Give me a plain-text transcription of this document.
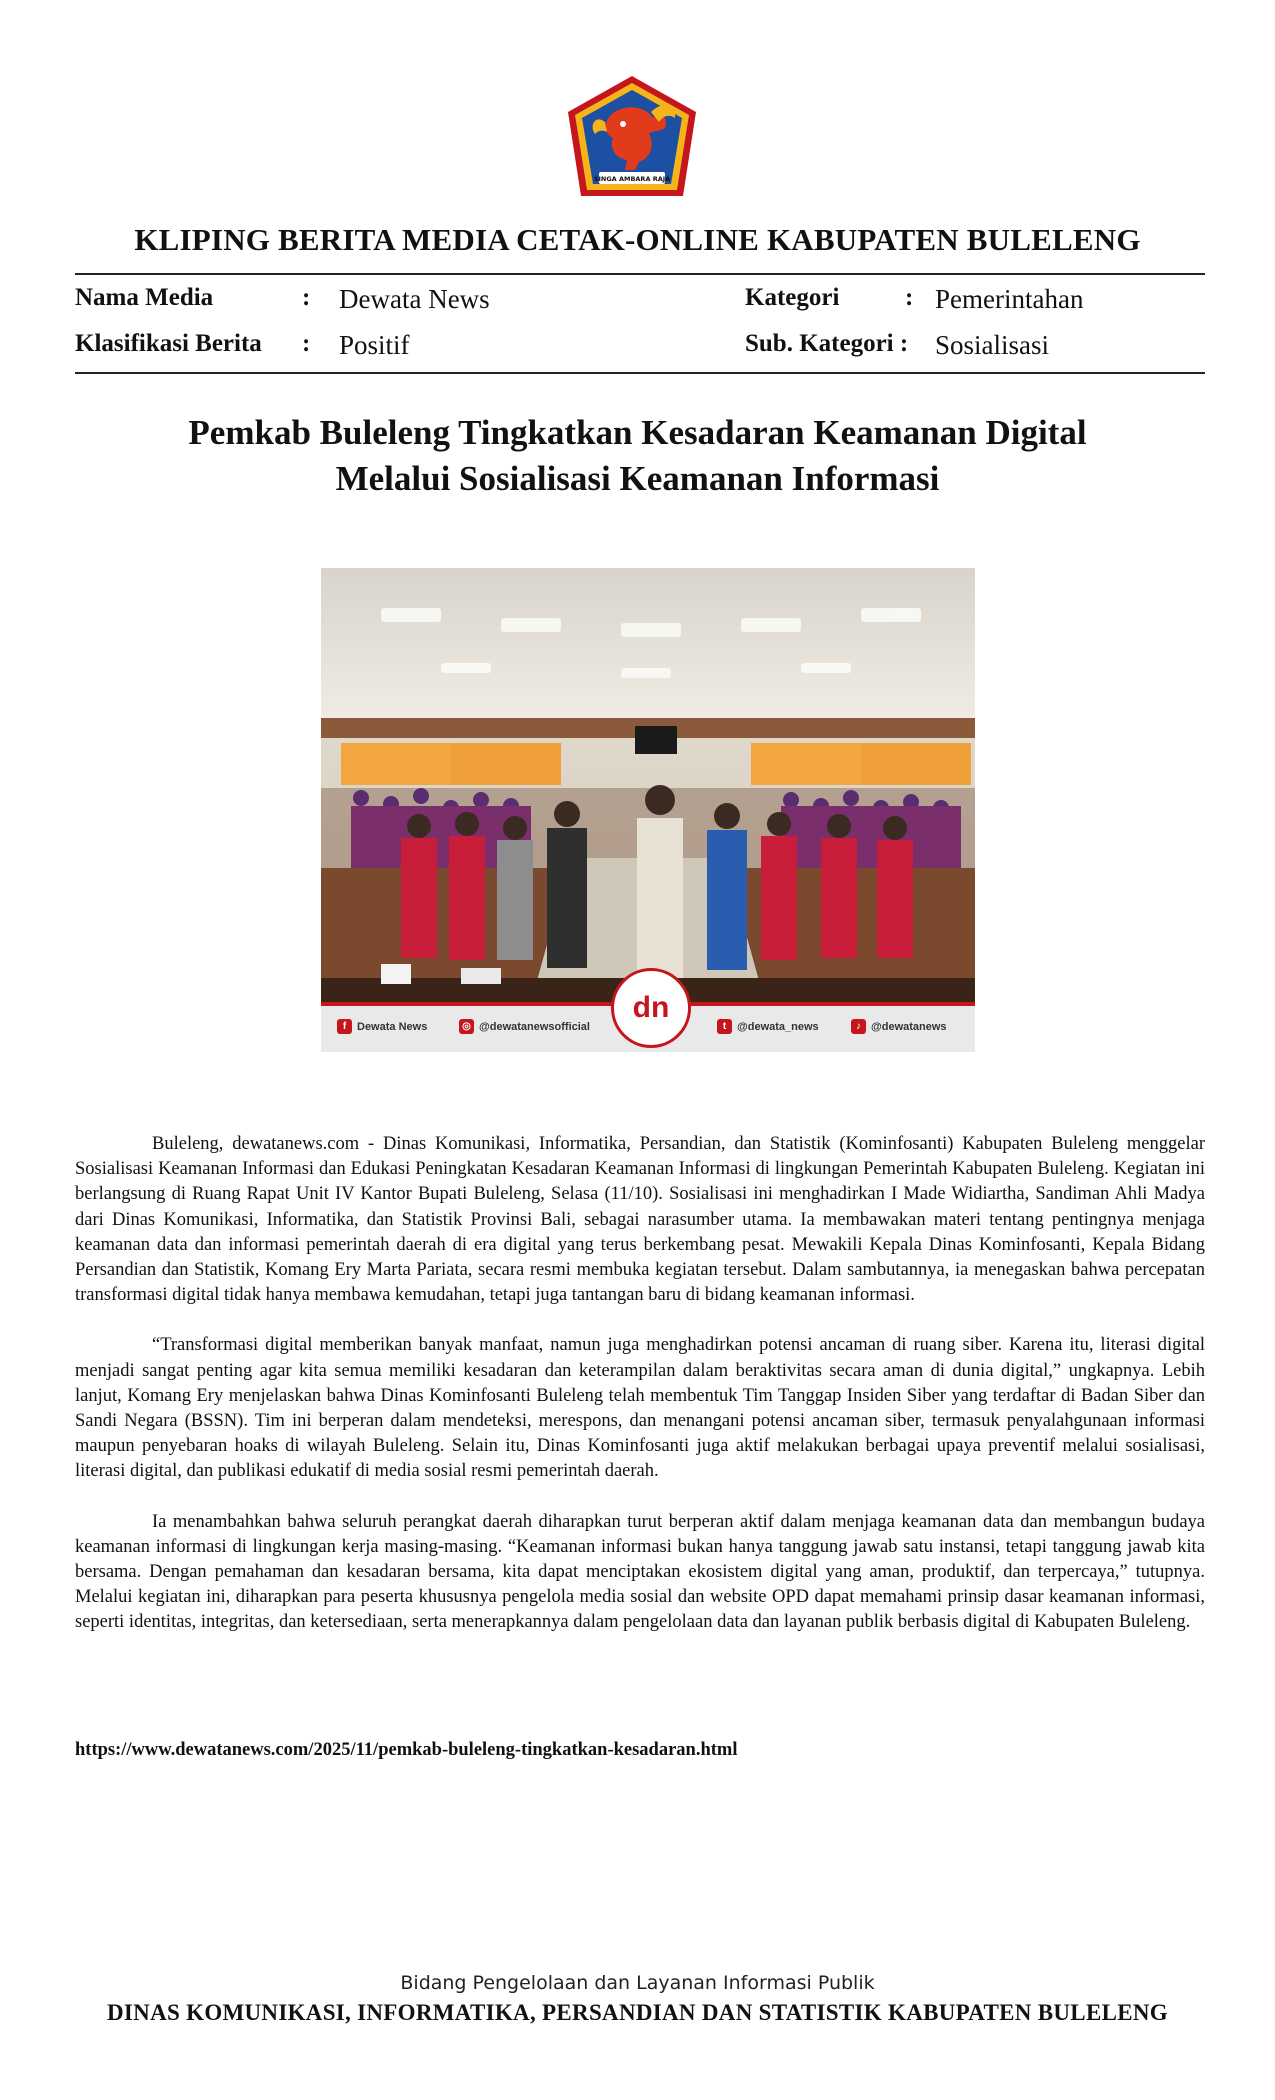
SINGA AMBARA RAJA
KLIPING BERITA MEDIA CETAK-ONLINE KABUPATEN BULELENG
Nama Media	: Dewata News
Klasifikasi Berita : Positif
Kategori	: Pemerintahan
Sub. Kategori : Sosialisasi
Pemkab Buleleng Tingkatkan Kesadaran Keamanan Digital
Melalui Sosialisasi Keamanan Informasi
f Dewata News	◎ @dewatanewsofficial	t @dewata_news	♪ @dewatanews
dn

Buleleng, dewatanews.com - Dinas Komunikasi, Informatika, Persandian, dan Statistik (Kominfosanti) Kabupaten Buleleng menggelar Sosialisasi Keamanan Informasi dan Edukasi Peningkatan Kesadaran Keamanan Informasi di lingkungan Pemerintah Kabupaten Buleleng. Kegiatan ini berlangsung di Ruang Rapat Unit IV Kantor Bupati Buleleng, Selasa (11/10). Sosialisasi ini menghadirkan I Made Widiartha, Sandiman Ahli Madya dari Dinas Komunikasi, Informatika, dan Statistik Provinsi Bali, sebagai narasumber utama. Ia membawakan materi tentang pentingnya menjaga keamanan data dan informasi pemerintah daerah di era digital yang terus berkembang pesat. Mewakili Kepala Dinas Kominfosanti, Kepala Bidang Persandian dan Statistik, Komang Ery Marta Pariata, secara resmi membuka kegiatan tersebut. Dalam sambutannya, ia menegaskan bahwa percepatan transformasi digital tidak hanya membawa kemudahan, tetapi juga tantangan baru di bidang keamanan informasi.

“Transformasi digital memberikan banyak manfaat, namun juga menghadirkan potensi ancaman di ruang siber. Karena itu, literasi digital menjadi sangat penting agar kita semua memiliki kesadaran dan keterampilan dalam beraktivitas secara aman di dunia digital,” ungkapnya. Lebih lanjut, Komang Ery menjelaskan bahwa Dinas Kominfosanti Buleleng telah membentuk Tim Tanggap Insiden Siber yang terdaftar di Badan Siber dan Sandi Negara (BSSN). Tim ini berperan dalam mendeteksi, merespons, dan menangani potensi ancaman siber, termasuk penyalahgunaan informasi maupun penyebaran hoaks di wilayah Buleleng. Selain itu, Dinas Kominfosanti juga aktif melakukan berbagai upaya preventif melalui sosialisasi, literasi digital, dan publikasi edukatif di media sosial resmi pemerintah daerah.

Ia menambahkan bahwa seluruh perangkat daerah diharapkan turut berperan aktif dalam menjaga keamanan data dan membangun budaya keamanan informasi di lingkungan kerja masing-masing. “Keamanan informasi bukan hanya tanggung jawab satu instansi, tetapi tanggung jawab kita bersama. Dengan pemahaman dan kesadaran bersama, kita dapat menciptakan ekosistem digital yang aman, produktif, dan terpercaya,” tutupnya. Melalui kegiatan ini, diharapkan para peserta khususnya pengelola media sosial dan website OPD dapat memahami prinsip dasar keamanan informasi, seperti identitas, integritas, dan ketersediaan, serta menerapkannya dalam pengelolaan data dan layanan publik berbasis digital di Kabupaten Buleleng.

https://www.dewatanews.com/2025/11/pemkab-buleleng-tingkatkan-kesadaran.html
Bidang Pengelolaan dan Layanan Informasi Publik
DINAS KOMUNIKASI, INFORMATIKA, PERSANDIAN DAN STATISTIK KABUPATEN BULELENG
